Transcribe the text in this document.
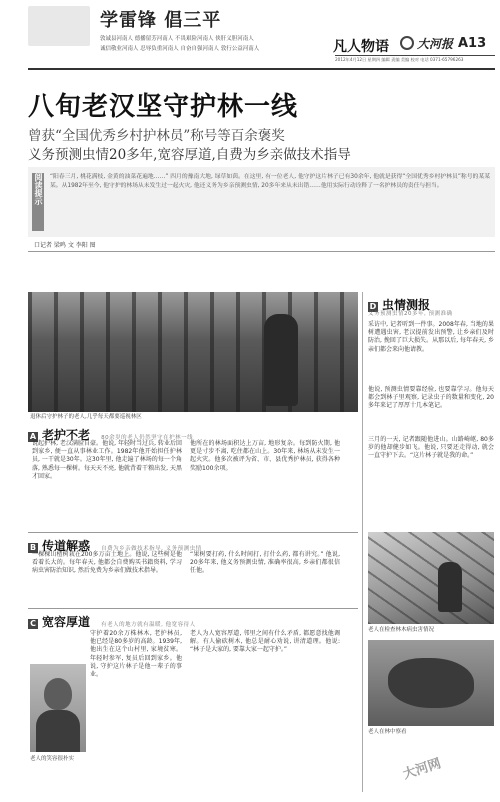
学雷锋 倡三平
敦诚县河南人 德播留芳河南人 不畏艰险河南人 侠肝义胆河南人
诚信敬业河南人 忍辱负重河南人 自奋自强河南人 敦行公益河南人	凡人物语 大河报 A13
2012年4月12日 星期四 编辑 责编 美编 校对 电话 0371-65796263
八旬老汉坚守护林一线
曾获“全国优秀乡村护林员”称号等百余褒奖
义务预测虫情20多年,宽容厚道,自费为乡亲做技术指导
阅读提示 “阳春三月, 桃花满枝, 金黄的油菜花遍地……” 四月的豫南大地, 绿草如茵。在这里, 有一位老人, 他守护这片林子已有30余年, 他就是获得“全国优秀乡村护林员”称号的某某某。从1982年至今, 他守护的林场从未发生过一起火灾, 他还义务为乡亲预测虫情, 20多年来从未出错……他用实际行动诠释了一名护林员的责任与担当。
口记者 梁鸣 文 李阳 图
退休后守护林子的老人,几乎每天都要巡视林区
A 老护不老 80余岁的老人仍然坚守在护林一线
说起护林, 老汉满脸自豪。他说, 年轻时当过兵, 转业后回到家乡, 便一直从事林业工作。1982年他开始担任护林员, 一干就是30年。这30年里, 他走遍了林场的每一个角落, 熟悉每一棵树。每天天不亮, 他就背着干粮出发, 天黑才回家。
他所在的林场面积达上万亩, 地形复杂。每到防火期, 他更是寸步不离, 吃住都在山上。30年来, 林场从未发生一起火灾。他多次被评为省、市、县优秀护林员, 获得各种奖励100余项。
B 传道解惑 自费为乡亲做技术指导, 义务预测虫情
一棵棵山楂树栽在200多万亩土地上。他说, 这些树是他看着长大的。每年春天, 他都会自费购买书籍资料, 学习病虫害防治知识, 然后免费为乡亲们做技术指导。
“果树要打药, 什么时间打, 打什么药, 都有讲究。” 他说, 20多年来, 他义务预测虫情, 准确率很高, 乡亲们都很信任他。
C 宽容厚道 有老人的地方就有温暖, 他宽容待人
守护着20余万株林木, 老护林员, 他已经是80多岁的高龄。1939年, 他出生在这个山村里, 家境贫寒。年轻时参军, 复员后回到家乡。他说, 守护这片林子是他一辈子的事业。
老人为人宽容厚道, 邻里之间有什么矛盾, 都愿意找他调解。有人偷砍树木, 他总是耐心劝说, 讲清道理。他说: “林子是大家的, 要靠大家一起守护。”
老人的笑容很朴实
D 虫情测报
义务预测虫情20多年, 预测准确
采访中, 记者听到一件事。2008年春, 当地的果树遭遇虫害, 老汉提前发出预警, 让乡亲们及时防治, 挽回了巨大损失。从那以后, 每年春天, 乡亲们都会来向他请教。
他说, 预测虫情要靠经验, 也要靠学习。他每天都会到林子里观察, 记录虫子的数量和变化, 20多年来记了厚厚十几本笔记。
三月的一天, 记者跟随他进山。山路崎岖, 80多岁的他却健步如飞。他说, 只要还走得动, 就会一直守护下去。“这片林子就是我的命。”
老人在检查林木病虫害情况
老人在林中察看
大河网
